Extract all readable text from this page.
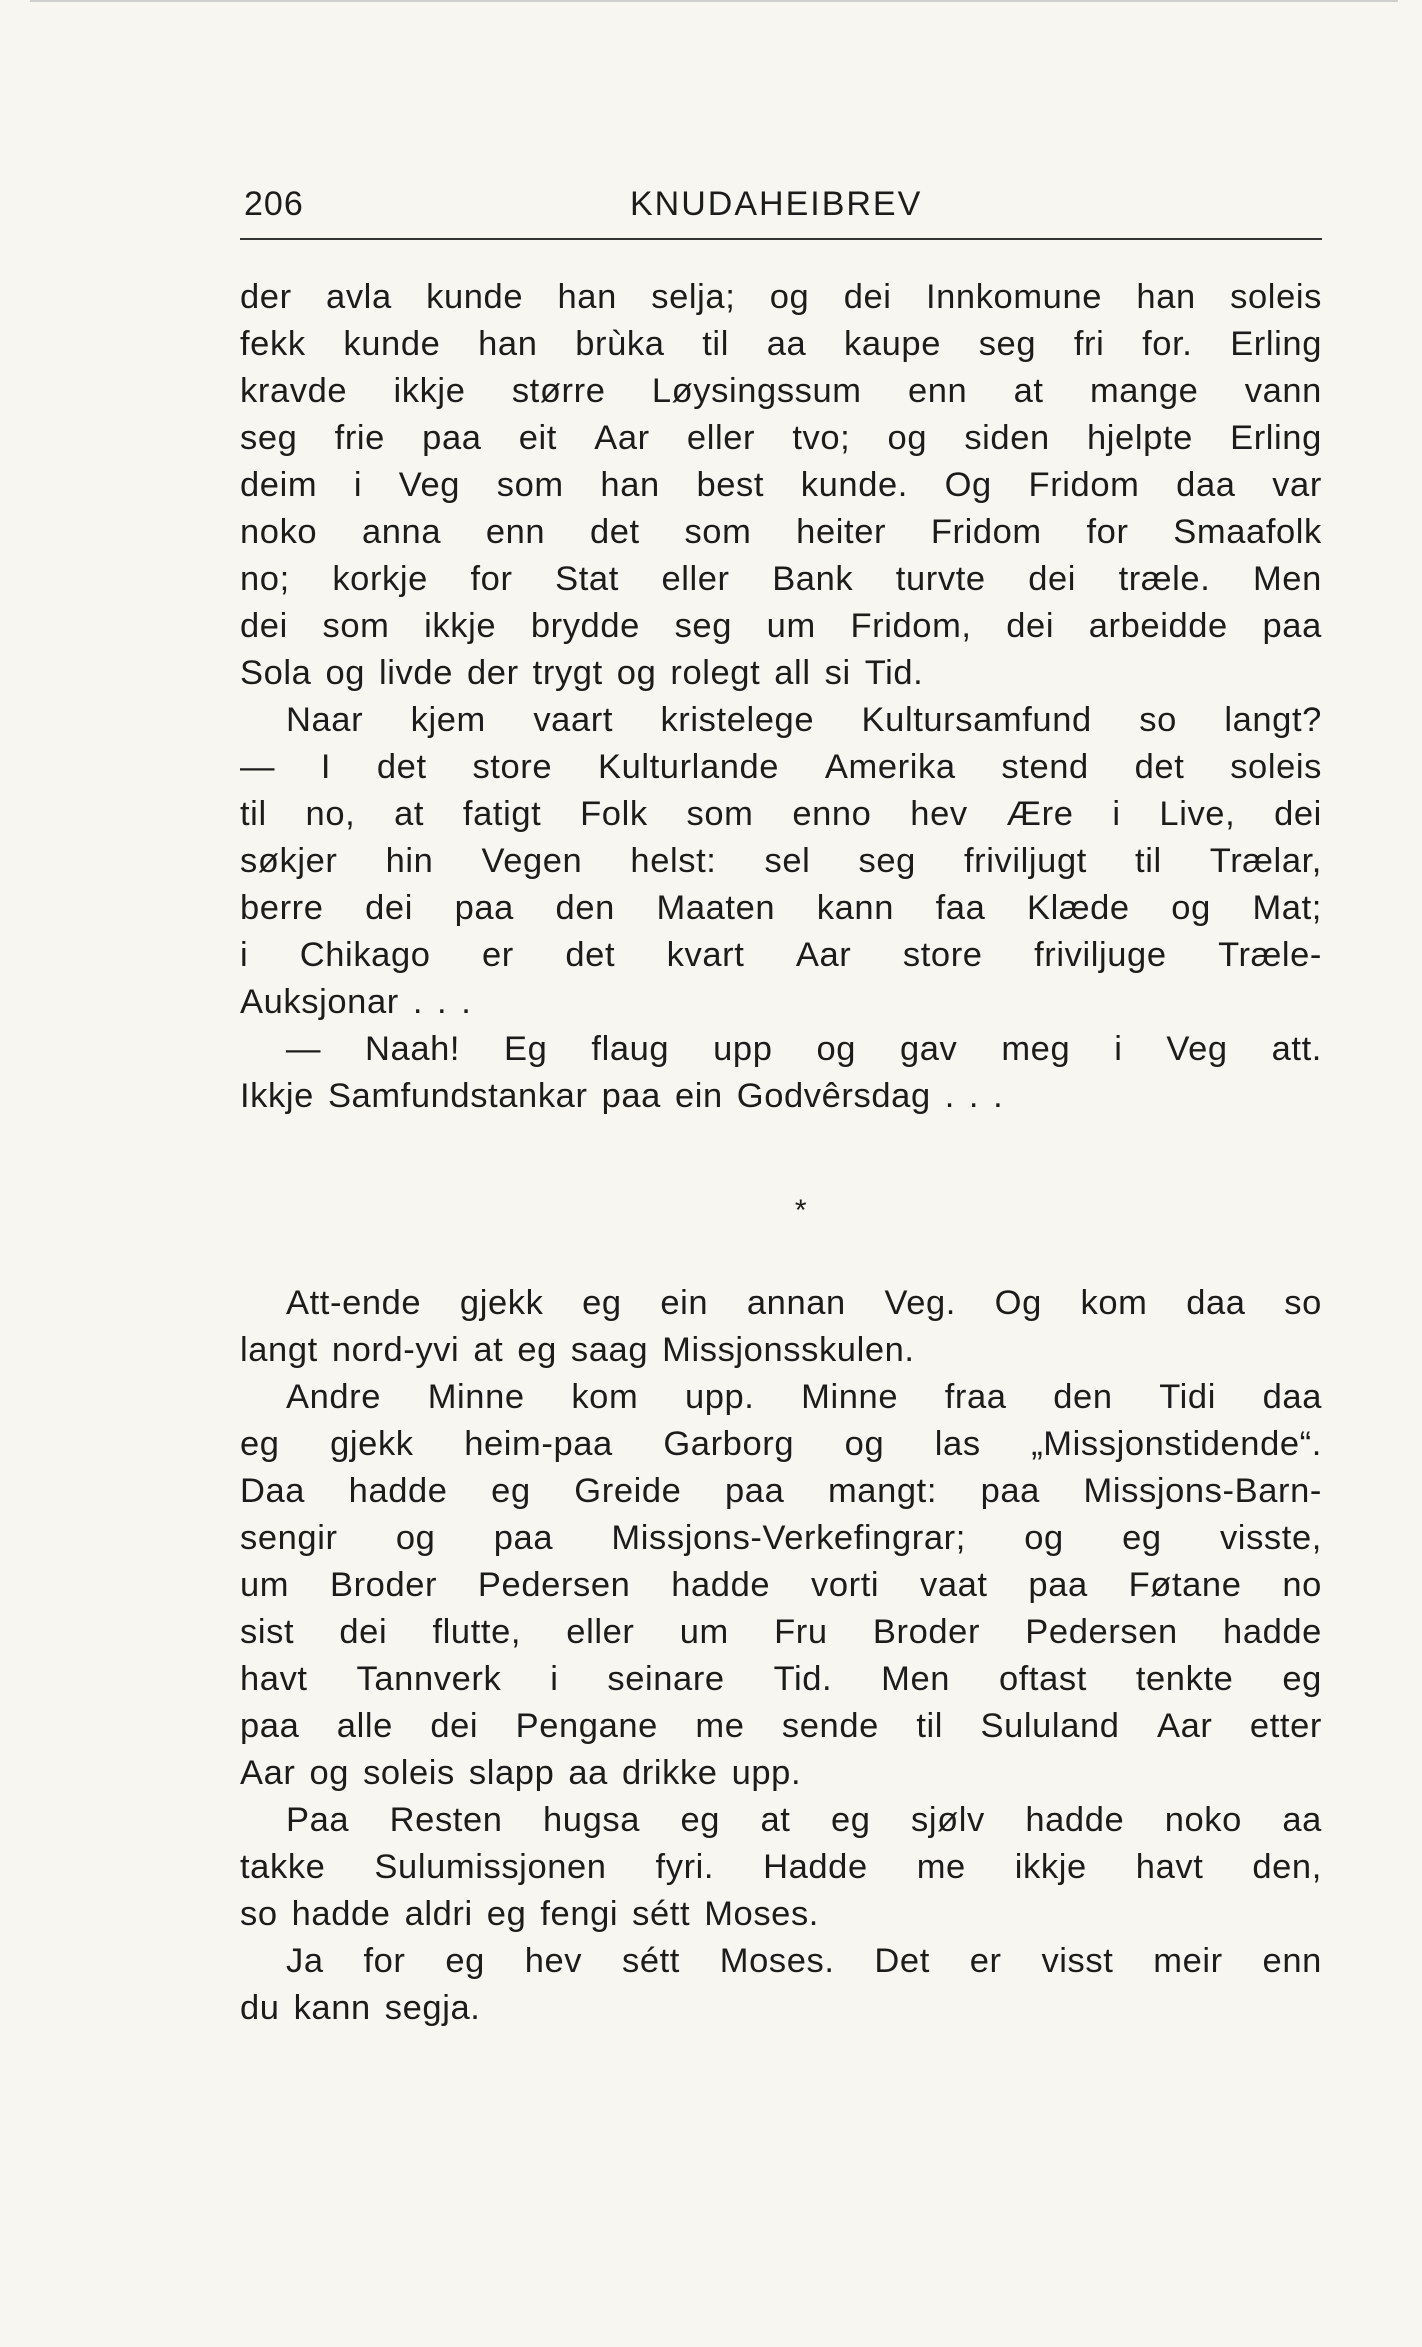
206	KNUDAHEIBREV
der avla kunde han selja; og dei Innkomune han soleis
fekk kunde han brùka til aa kaupe seg fri for. Erling
kravde ikkje større Løysingssum enn at mange vann
seg frie paa eit Aar eller tvo; og siden hjelpte Erling
deim i Veg som han best kunde. Og Fridom daa var
noko anna enn det som heiter Fridom for Smaafolk
no; korkje for Stat eller Bank turvte dei træle. Men
dei som ikkje brydde seg um Fridom, dei arbeidde paa
Sola og livde der trygt og rolegt all si Tid.
Naar kjem vaart kristelege Kultursamfund so langt?
— I det store Kulturlande Amerika stend det soleis
til no, at fatigt Folk som enno hev Ære i Live, dei
søkjer hin Vegen helst: sel seg friviljugt til Trælar,
berre dei paa den Maaten kann faa Klæde og Mat;
i Chikago er det kvart Aar store friviljuge Træle-
Auksjonar . . .
— Naah! Eg flaug upp og gav meg i Veg att.
Ikkje Samfundstankar paa ein Godvêrsdag . . .
*
Att-ende gjekk eg ein annan Veg. Og kom daa so
langt nord-yvi at eg saag Missjonsskulen.
Andre Minne kom upp. Minne fraa den Tidi daa
eg gjekk heim-paa Garborg og las „Missjonstidende“.
Daa hadde eg Greide paa mangt: paa Missjons-Barn-
sengir og paa Missjons-Verkefingrar; og eg visste,
um Broder Pedersen hadde vorti vaat paa Føtane no
sist dei flutte, eller um Fru Broder Pedersen hadde
havt Tannverk i seinare Tid. Men oftast tenkte eg
paa alle dei Pengane me sende til Sululand Aar etter
Aar og soleis slapp aa drikke upp.
Paa Resten hugsa eg at eg sjølv hadde noko aa
takke Sulumissjonen fyri. Hadde me ikkje havt den,
so hadde aldri eg fengi sétt Moses.
Ja for eg hev sétt Moses. Det er visst meir enn
du kann segja.
